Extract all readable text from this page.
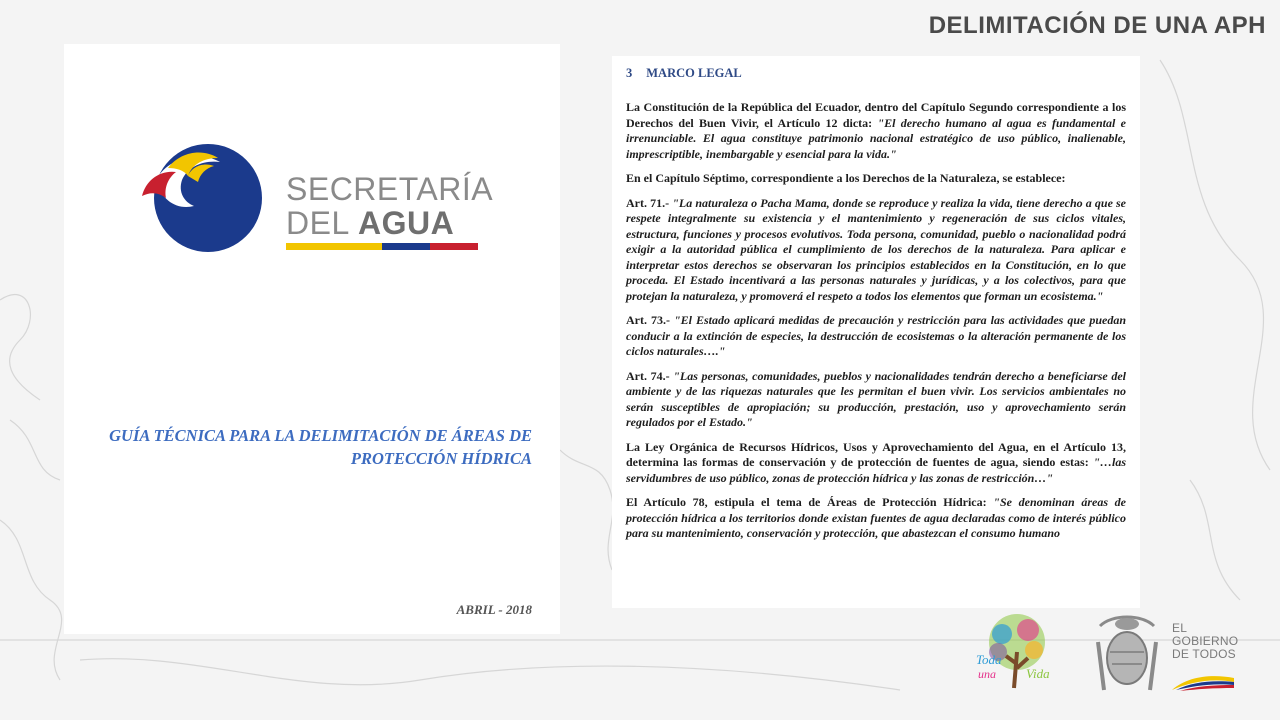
DELIMITACIÓN DE UNA APH
SECRETARÍA
DEL AGUA
GUÍA TÉCNICA PARA LA DELIMITACIÓN DE ÁREAS DE
PROTECCIÓN HÍDRICA
ABRIL - 2018
3 MARCO LEGAL

La Constitución de la República del Ecuador, dentro del Capítulo Segundo correspondiente a los Derechos del Buen Vivir, el Artículo 12 dicta: "El derecho humano al agua es fundamental e irrenunciable. El agua constituye patrimonio nacional estratégico de uso público, inalienable, imprescriptible, inembargable y esencial para la vida."

En el Capítulo Séptimo, correspondiente a los Derechos de la Naturaleza, se establece:

Art. 71.- "La naturaleza o Pacha Mama, donde se reproduce y realiza la vida, tiene derecho a que se respete integralmente su existencia y el mantenimiento y regeneración de sus ciclos vitales, estructura, funciones y procesos evolutivos. Toda persona, comunidad, pueblo o nacionalidad podrá exigir a la autoridad pública el cumplimiento de los derechos de la naturaleza. Para aplicar e interpretar estos derechos se observaran los principios establecidos en la Constitución, en lo que proceda. El Estado incentivará a las personas naturales y jurídicas, y a los colectivos, para que protejan la naturaleza, y promoverá el respeto a todos los elementos que forman un ecosistema."

Art. 73.- "El Estado aplicará medidas de precaución y restricción para las actividades que puedan conducir a la extinción de especies, la destrucción de ecosistemas o la alteración permanente de los ciclos naturales…."

Art. 74.- "Las personas, comunidades, pueblos y nacionalidades tendrán derecho a beneficiarse del ambiente y de las riquezas naturales que les permitan el buen vivir. Los servicios ambientales no serán susceptibles de apropiación; su producción, prestación, uso y aprovechamiento serán regulados por el Estado."

La Ley Orgánica de Recursos Hídricos, Usos y Aprovechamiento del Agua, en el Artículo 13, determina las formas de conservación y de protección de fuentes de agua, siendo estas: "…las servidumbres de uso público, zonas de protección hídrica y las zonas de restricción…"

El Artículo 78, estipula el tema de Áreas de Protección Hídrica: "Se denominan áreas de protección hídrica a los territorios donde existan fuentes de agua declaradas como de interés público para su mantenimiento, conservación y protección, que abastezcan el consumo humano

Toda
una Vida
EL
GOBIERNO
DE TODOS
